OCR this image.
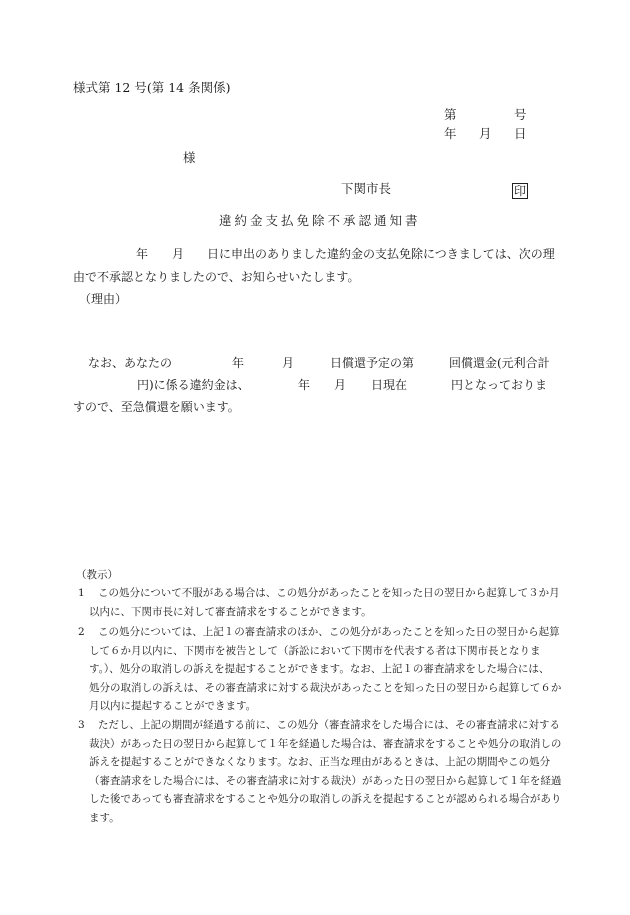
様式第 12 号(第 14 条関係)
第	号
年 月 日
様
下関市長	印
違約金支払免除不承認通知書
年 月 日に申出のありました違約金の支払免除につきましては、次の理
由で不承認となりましたので、お知らせいたします。
（理由）
なお、あなたの	年	月	日償還予定の第	回償還金(元利合計
円)に係る違約金は、	年 月 日現在	円となっておりま
すので、至急償還を願います。
（教示）
1 この処分について不服がある場合は、この処分があったことを知った日の翌日から起算して３か月
以内に、下関市長に対して審査請求をすることができます。
2 この処分については、上記１の審査請求のほか、この処分があったことを知った日の翌日から起算
して６か月以内に、下関市を被告として（訴訟において下関市を代表する者は下関市長となりま
す。）、処分の取消しの訴えを提起することができます。なお、上記１の審査請求をした場合には、
処分の取消しの訴えは、その審査請求に対する裁決があったことを知った日の翌日から起算して６か
月以内に提起することができます。
3 ただし、上記の期間が経過する前に、この処分（審査請求をした場合には、その審査請求に対する
裁決）があった日の翌日から起算して１年を経過した場合は、審査請求をすることや処分の取消しの
訴えを提起することができなくなります。なお、正当な理由があるときは、上記の期間やこの処分
（審査請求をした場合には、その審査請求に対する裁決）があった日の翌日から起算して１年を経過
した後であっても審査請求をすることや処分の取消しの訴えを提起することが認められる場合があり
ます。
